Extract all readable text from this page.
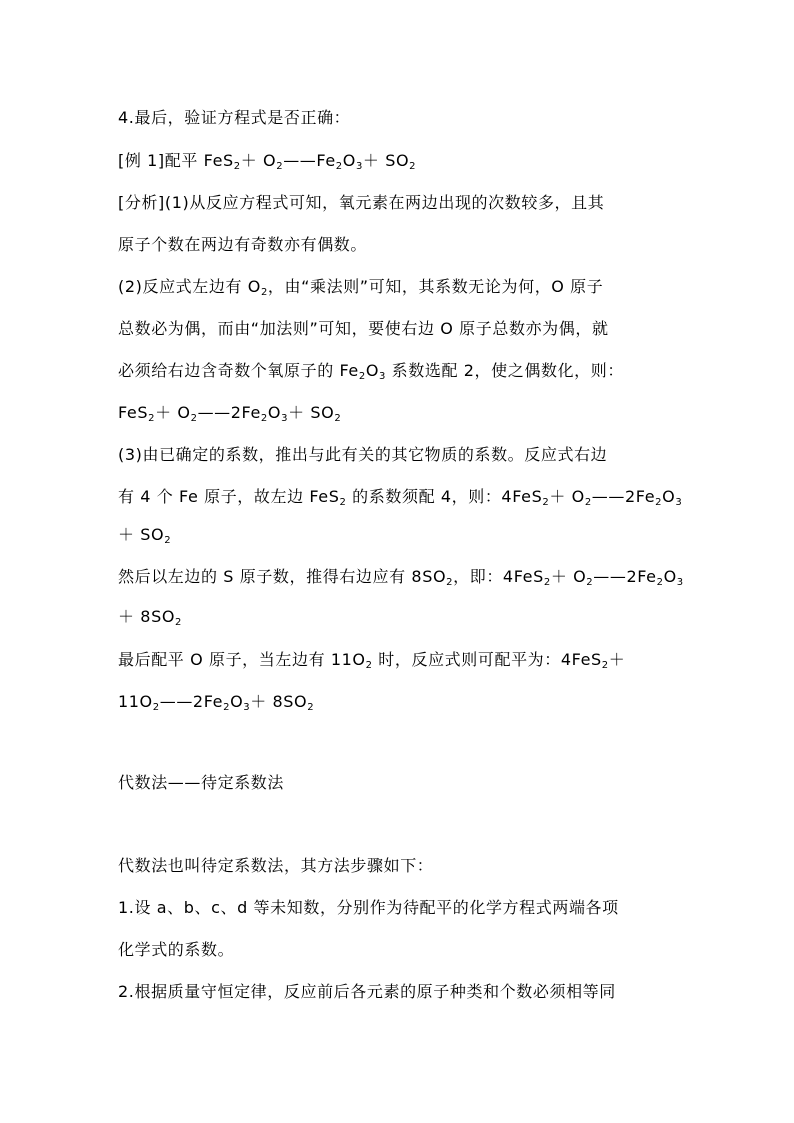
4.最后，验证方程式是否正确：
[例 1]配平 $FeS_2+ O_2——Fe_2O_3+ SO_2$
[分析](1)从反应方程式可知，氧元素在两边出现的次数较多，且其
原子个数在两边有奇数亦有偶数。
(2)反应式左边有 $O_2$，由“乘法则”可知，其系数无论为何，O 原子
总数必为偶，而由“加法则”可知，要使右边 O 原子总数亦为偶，就
必须给右边含奇数个氧原子的 $Fe_2O_3$ 系数选配 2，使之偶数化，则：
$FeS_2+ O_2——2Fe_2O_3+ SO_2$
(3)由已确定的系数，推出与此有关的其它物质的系数。反应式右边
有 4 个 Fe 原子，故左边 FeS$_2$ 的系数须配 4，则：$4FeS_2+ O_2——2Fe_2O_3$
＋ $SO_2$
然后以左边的 S 原子数，推得右边应有 $8SO_2$，即：$4FeS_2+ O_2——2Fe_2O_3$
＋ $8SO_2$
最后配平 O 原子，当左边有 $11O_2$ 时，反应式则可配平为：4FeS$_2$＋
$11O_2——2Fe_2O_3+ 8SO_2$
代数法——待定系数法
代数法也叫待定系数法，其方法步骤如下：
1.设 a、b、c、d 等未知数，分别作为待配平的化学方程式两端各项
化学式的系数。
2.根据质量守恒定律，反应前后各元素的原子种类和个数必须相等同
